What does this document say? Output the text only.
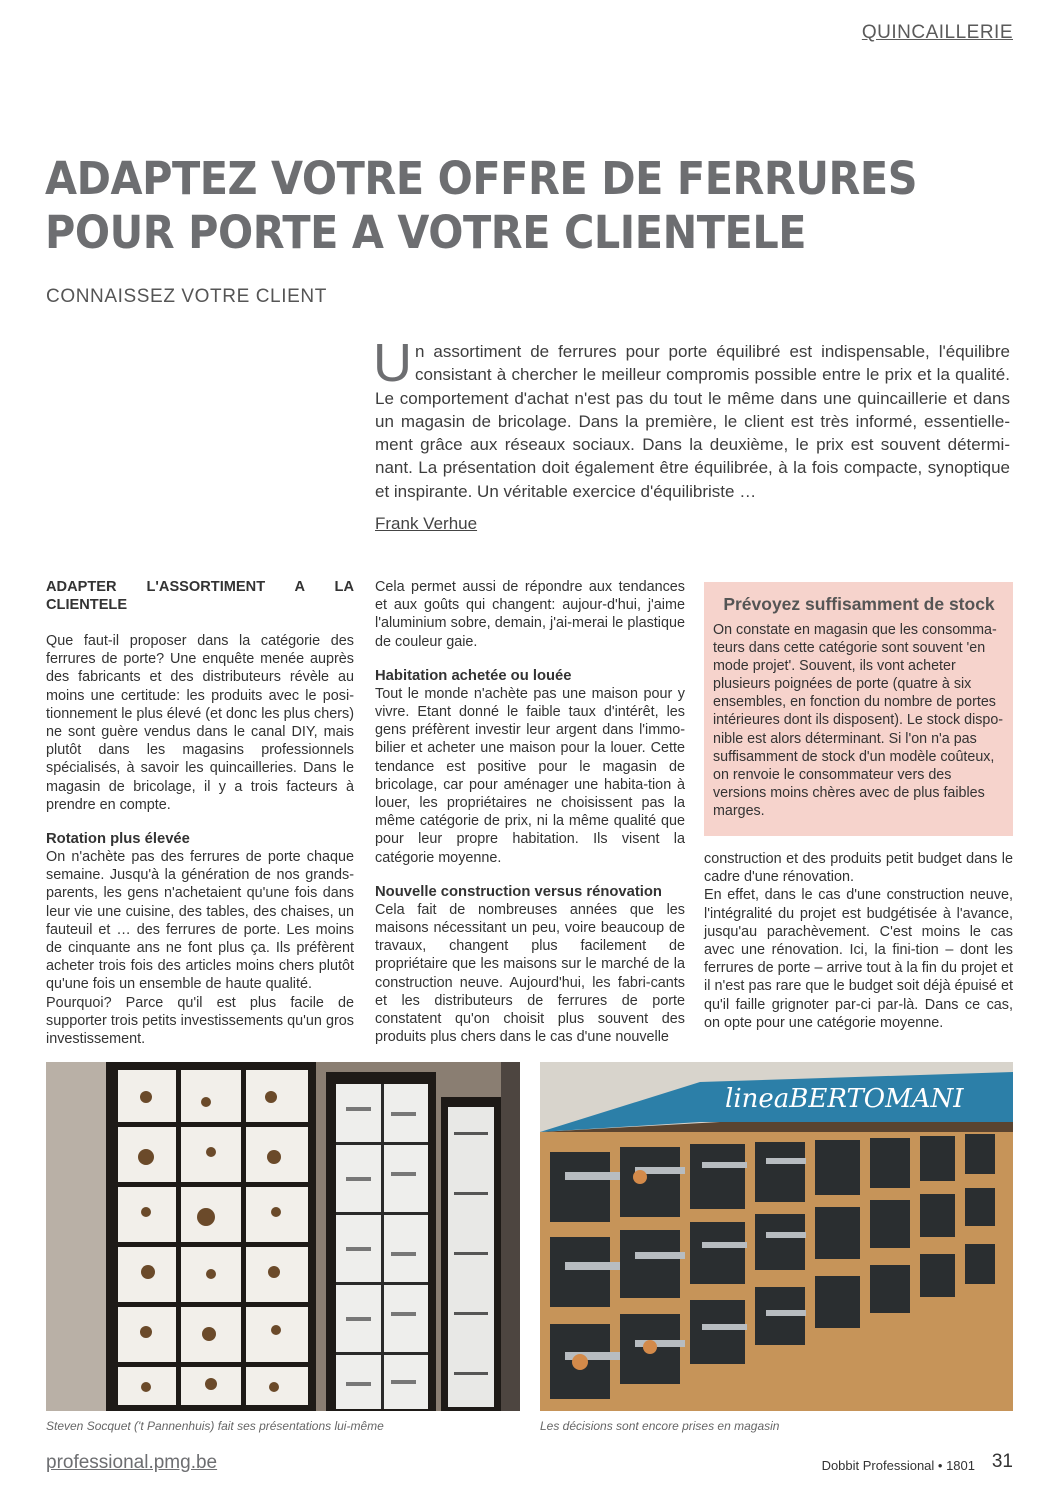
QUINCAILLERIE
ADAPTEZ VOTRE OFFRE DE FERRURES
POUR PORTE A VOTRE CLIENTELE
CONNAISSEZ VOTRE CLIENT
U n assortiment de ferrures pour porte équilibré est indispensable, l'équilibre consistant à chercher le meilleur compromis possible entre le prix et la qualité. Le comportement d'achat n'est pas du tout le même dans une quincaillerie et dans un magasin de bricolage. Dans la première, le client est très informé, essentielle-ment grâce aux réseaux sociaux. Dans la deuxième, le prix est souvent détermi-nant. La présentation doit également être équilibrée, à la fois compacte, synoptique et inspirante. Un véritable exercice d'équilibriste …

Frank Verhue
ADAPTER L'ASSORTIMENT A LA CLIENTELE

Que faut-il proposer dans la catégorie des ferrures de porte? Une enquête menée auprès des fabricants et des distributeurs révèle au moins une certitude: les produits avec le posi-tionnement le plus élevé (et donc les plus chers) ne sont guère vendus dans le canal DIY, mais plutôt dans les magasins professionnels spécialisés, à savoir les quincailleries. Dans le magasin de bricolage, il y a trois facteurs à prendre en compte.

Rotation plus élevée

On n'achète pas des ferrures de porte chaque semaine. Jusqu'à la génération de nos grands-parents, les gens n'achetaient qu'une fois dans leur vie une cuisine, des tables, des chaises, un fauteuil et … des ferrures de porte. Les moins de cinquante ans ne font plus ça. Ils préfèrent acheter trois fois des articles moins chers plutôt qu'une fois un ensemble de haute qualité.

Pourquoi? Parce qu'il est plus facile de supporter trois petits investissements qu'un gros investissement.

Cela permet aussi de répondre aux tendances et aux goûts qui changent: aujour-d'hui, j'aime l'aluminium sobre, demain, j'ai-merai le plastique de couleur gaie.

Habitation achetée ou louée

Tout le monde n'achète pas une maison pour y vivre. Etant donné le faible taux d'intérêt, les gens préfèrent investir leur argent dans l'immo-bilier et acheter une maison pour la louer. Cette tendance est positive pour le magasin de bricolage, car pour aménager une habita-tion à louer, les propriétaires ne choisissent pas la même catégorie de prix, ni la même qualité que pour leur propre habitation. Ils visent la catégorie moyenne.

Nouvelle construction versus rénovation

Cela fait de nombreuses années que les maisons nécessitant un peu, voire beaucoup de travaux, changent plus facilement de propriétaire que les maisons sur le marché de la construction neuve. Aujourd'hui, les fabri-cants et les distributeurs de ferrures de porte constatent qu'on choisit plus souvent des produits plus chers dans le cas d'une nouvelle

Prévoyez suffisamment de stock

On constate en magasin que les consomma-teurs dans cette catégorie sont souvent 'en mode projet'. Souvent, ils vont acheter plusieurs poignées de porte (quatre à six ensembles, en fonction du nombre de portes intérieures dont ils disposent). Le stock dispo-nible est alors déterminant. Si l'on n'a pas suffisamment de stock d'un modèle coûteux, on renvoie le consommateur vers des versions moins chères avec de plus faibles marges.

construction et des produits petit budget dans le cadre d'une rénovation.

En effet, dans le cas d'une construction neuve, l'intégralité du projet est budgétisée à l'avance, jusqu'au parachèvement. C'est moins le cas avec une rénovation. Ici, la fini-tion – dont les ferrures de porte – arrive tout à la fin du projet et il n'est pas rare que le budget soit déjà épuisé et qu'il faille grignoter par-ci par-là. Dans ce cas, on opte pour une catégorie moyenne.

lineaBERTOMANI
Steven Socquet ('t Pannenhuis) fait ses présentations lui-même	Les décisions sont encore prises en magasin
professional.pmg.be	Dobbit Professional • 1801 31
